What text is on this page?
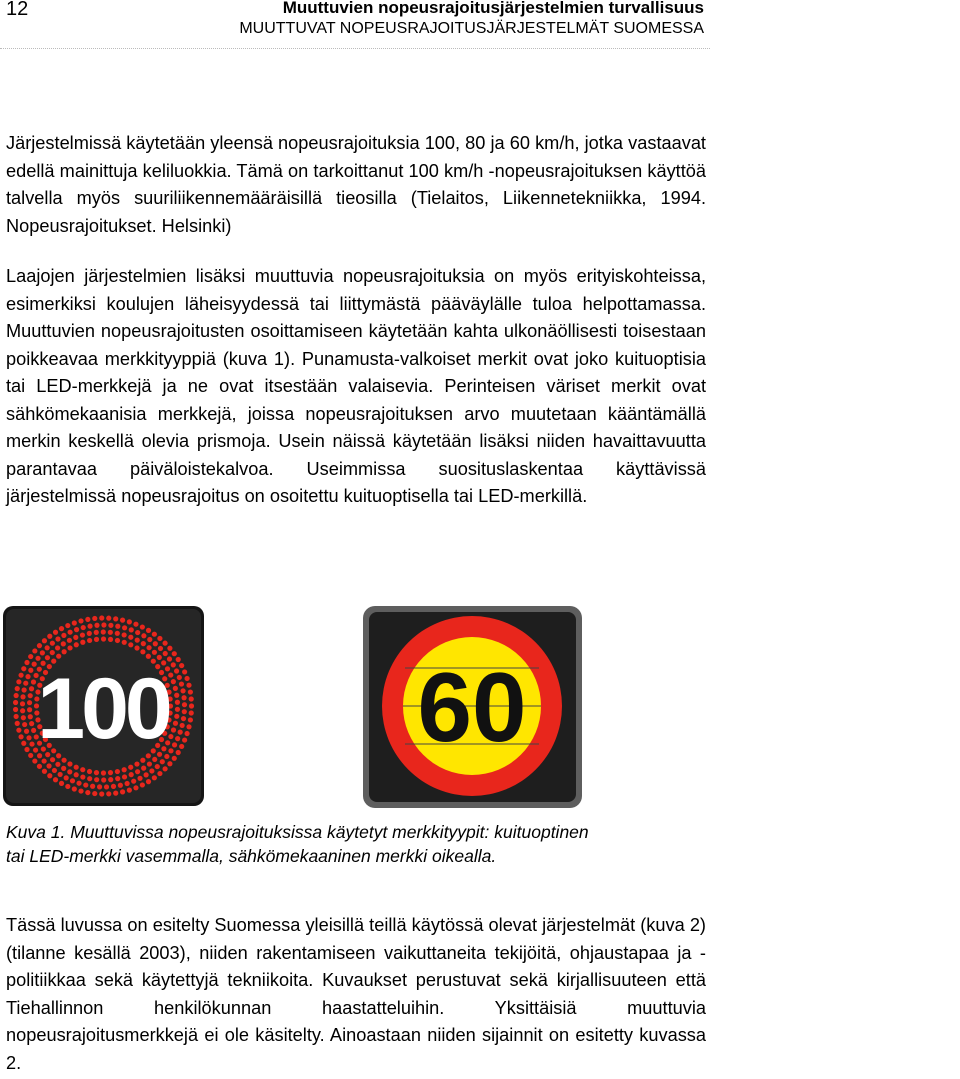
12	Muuttuvien nopeusrajoitusjärjestelmien turvallisuus
MUUTTUVAT NOPEUSRAJOITUSJÄRJESTELMÄT SUOMESSA

Järjestelmissä käytetään yleensä nopeusrajoituksia 100, 80 ja 60 km/h, jotka vastaavat edellä mainittuja keliluokkia. Tämä on tarkoittanut 100 km/h -nopeusrajoituksen käyttöä talvella myös suuriliikennemääräisillä tieosilla (Tielaitos, Liikennetekniikka, 1994. Nopeusrajoitukset. Helsinki)

Laajojen järjestelmien lisäksi muuttuvia nopeusrajoituksia on myös erityiskohteissa, esimerkiksi koulujen läheisyydessä tai liittymästä pääväylälle tuloa helpottamassa. Muuttuvien nopeusrajoitusten osoittamiseen käytetään kahta ulkonäöllisesti toisestaan poikkeavaa merkkityyppiä (kuva 1). Punamusta-valkoiset merkit ovat joko kuituoptisia tai LED-merkkejä ja ne ovat itsestään valaisevia. Perinteisen väriset merkit ovat sähkömekaanisia merkkejä, joissa nopeusrajoituksen arvo muutetaan kääntämällä merkin keskellä olevia prismoja. Usein näissä käytetään lisäksi niiden havaittavuutta parantavaa päiväloistekalvoa. Useimmissa suosituslaskentaa käyttävissä järjestelmissä nopeusrajoitus on osoitettu kuituoptisella tai LED-merkillä.

100	60
Kuva 1. Muuttuvissa nopeusrajoituksissa käytetyt merkkityypit: kuituoptinen
tai LED-merkki vasemmalla, sähkömekaaninen merkki oikealla.

Tässä luvussa on esitelty Suomessa yleisillä teillä käytössä olevat järjestelmät (kuva 2) (tilanne kesällä 2003), niiden rakentamiseen vaikuttaneita tekijöitä, ohjaustapaa ja -politiikkaa sekä käytettyjä tekniikoita. Kuvaukset perustuvat sekä kirjallisuuteen että Tiehallinnon henkilökunnan haastatteluihin. Yksittäisiä muuttuvia nopeusrajoitusmerkkejä ei ole käsitelty. Ainoastaan niiden sijainnit on esitetty kuvassa 2.
